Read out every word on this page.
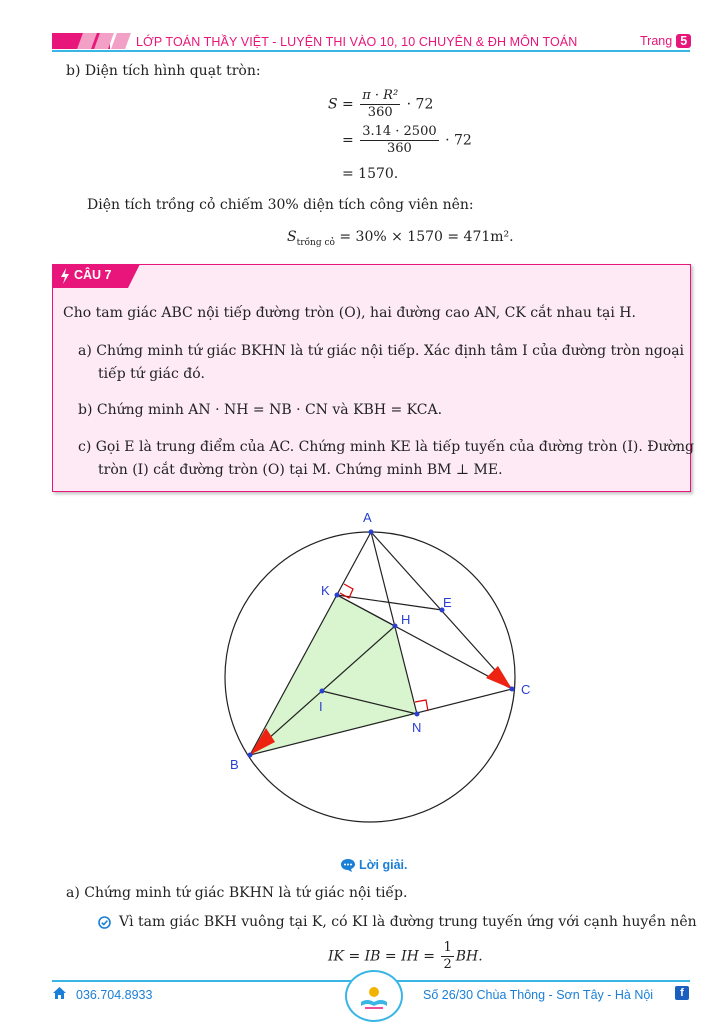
LỚP TOÁN THẦY VIỆT - LUYỆN THI VÀO 10, 10 CHUYÊN & ĐH MÔN TOÁN	Trang 5
b) Diện tích hình quạt tròn:
$S = \frac{\text{π · R²}}{360} \cdot 72$
= $\frac{3.14 \cdot 2500}{360} \cdot 72$
= 1570.
Diện tích trồng cỏ chiếm 30% diện tích công viên nên:
$S_{trồng cỏ} = 30\% \times 1570 = 471m^2$.
CÂU 7
Cho tam giác ABC nội tiếp đường tròn (O), hai đường cao AN, CK cắt nhau tại H.
a) Chứng minh tứ giác BKHN là tứ giác nội tiếp. Xác định tâm I của đường tròn ngoại
tiếp tứ giác đó.
b) Chứng minh AN · NH = NB · CN và KBH = KCA.
c) Gọi E là trung điểm của AC. Chứng minh KE là tiếp tuyến của đường tròn (I). Đường
tròn (I) cắt đường tròn (O) tại M. Chứng minh BM ⊥ ME.
A
B
C
K
E
H
I
N
Lời giải.
a) Chứng minh tứ giác BKHN là tứ giác nội tiếp.
Vì tam giác BKH vuông tại K, có KI là đường trung tuyến ứng với cạnh huyền nên
IK = IB = IH = $\frac{1}{2}$ BH.
036.704.8933	Số 26/30 Chùa Thông - Sơn Tây - Hà Nội	f
